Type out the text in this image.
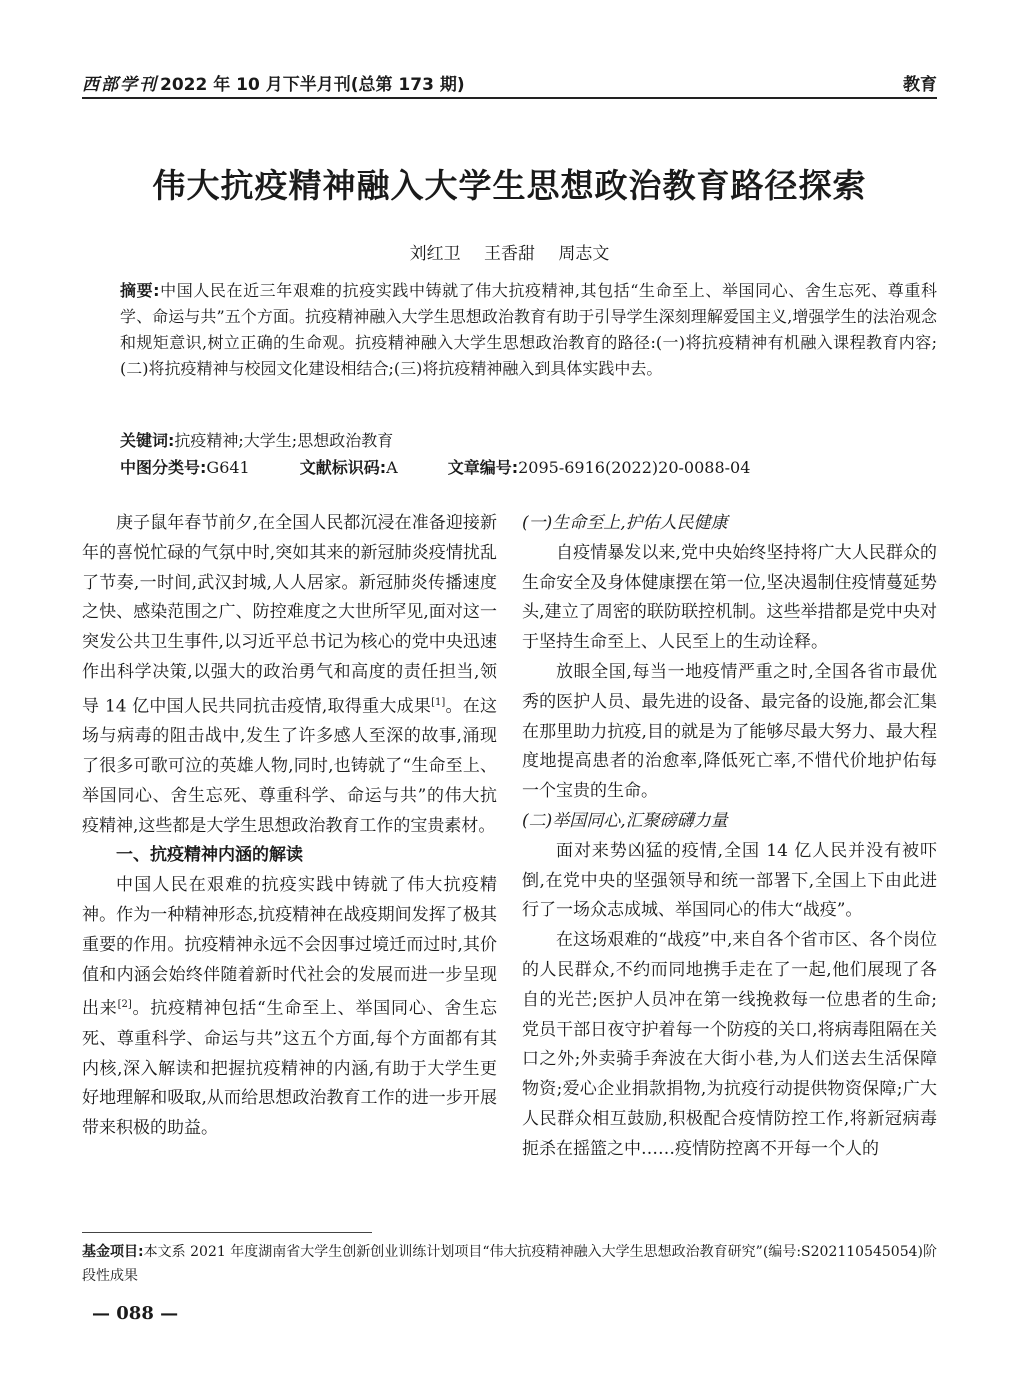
西部学刊 2022 年 10 月下半月刊(总第 173 期)	教育
伟大抗疫精神融入大学生思想政治教育路径探索
刘红卫 王香甜 周志文
摘要:中国人民在近三年艰难的抗疫实践中铸就了伟大抗疫精神,其包括“生命至上、举国同心、舍生忘死、尊重科学、命运与共”五个方面。抗疫精神融入大学生思想政治教育有助于引导学生深刻理解爱国主义,增强学生的法治观念和规矩意识,树立正确的生命观。抗疫精神融入大学生思想政治教育的路径:(一)将抗疫精神有机融入课程教育内容;(二)将抗疫精神与校园文化建设相结合;(三)将抗疫精神融入到具体实践中去。
关键词:抗疫精神;大学生;思想政治教育
中图分类号:G641	文献标识码:A	文章编号:2095-6916(2022)20-0088-04

庚子鼠年春节前夕,在全国人民都沉浸在准备迎接新年的喜悦忙碌的气氛中时,突如其来的新冠肺炎疫情扰乱了节奏,一时间,武汉封城,人人居家。新冠肺炎传播速度之快、感染范围之广、防控难度之大世所罕见,面对这一突发公共卫生事件,以习近平总书记为核心的党中央迅速作出科学决策,以强大的政治勇气和高度的责任担当,领导 14 亿中国人民共同抗击疫情,取得重大成果[1]。在这场与病毒的阻击战中,发生了许多感人至深的故事,涌现了很多可歌可泣的英雄人物,同时,也铸就了“生命至上、举国同心、舍生忘死、尊重科学、命运与共”的伟大抗疫精神,这些都是大学生思想政治教育工作的宝贵素材。

一、抗疫精神内涵的解读

中国人民在艰难的抗疫实践中铸就了伟大抗疫精神。作为一种精神形态,抗疫精神在战疫期间发挥了极其重要的作用。抗疫精神永远不会因事过境迁而过时,其价值和内涵会始终伴随着新时代社会的发展而进一步呈现出来[2]。抗疫精神包括“生命至上、举国同心、舍生忘死、尊重科学、命运与共”这五个方面,每个方面都有其内核,深入解读和把握抗疫精神的内涵,有助于大学生更好地理解和吸取,从而给思想政治教育工作的进一步开展带来积极的助益。

(一)生命至上,护佑人民健康

自疫情暴发以来,党中央始终坚持将广大人民群众的生命安全及身体健康摆在第一位,坚决遏制住疫情蔓延势头,建立了周密的联防联控机制。这些举措都是党中央对于坚持生命至上、人民至上的生动诠释。

放眼全国,每当一地疫情严重之时,全国各省市最优秀的医护人员、最先进的设备、最完备的设施,都会汇集在那里助力抗疫,目的就是为了能够尽最大努力、最大程度地提高患者的治愈率,降低死亡率,不惜代价地护佑每一个宝贵的生命。

(二)举国同心,汇聚磅礴力量

面对来势凶猛的疫情,全国 14 亿人民并没有被吓倒,在党中央的坚强领导和统一部署下,全国上下由此进行了一场众志成城、举国同心的伟大“战疫”。

在这场艰难的“战疫”中,来自各个省市区、各个岗位的人民群众,不约而同地携手走在了一起,他们展现了各自的光芒;医护人员冲在第一线挽救每一位患者的生命;党员干部日夜守护着每一个防疫的关口,将病毒阻隔在关口之外;外卖骑手奔波在大街小巷,为人们送去生活保障物资;爱心企业捐款捐物,为抗疫行动提供物资保障;广大人民群众相互鼓励,积极配合疫情防控工作,将新冠病毒扼杀在摇篮之中……疫情防控离不开每一个人的

基金项目:本文系 2021 年度湖南省大学生创新创业训练计划项目“伟大抗疫精神融入大学生思想政治教育研究”(编号:S202110545054)阶段性成果
— 088 —
